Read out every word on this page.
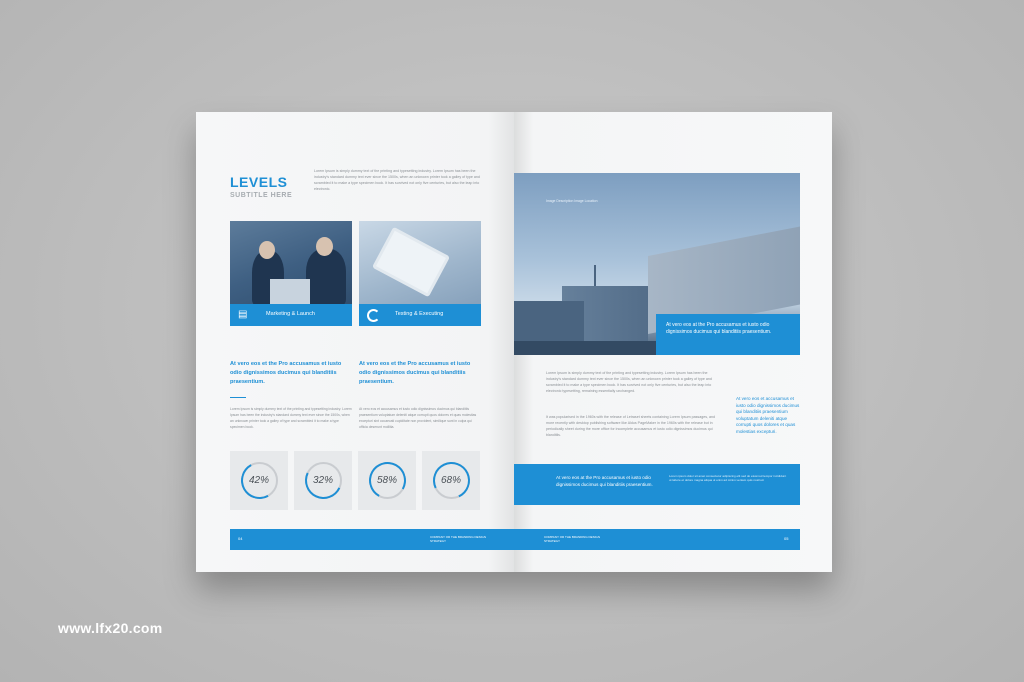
LEVELS
SUBTITLE HERE
Lorem Ipsum is simply dummy text of the printing and typesetting industry. Lorem Ipsum has been the industry's standard dummy text ever since the 1500s, when an unknown printer took a galley of type and scrambled it to make a type specimen book. It has survived not only five centuries, but also the leap into electronic.
▤	Marketing & Launch	Testing & Executing
At vero eos et the Pro accusamus et iusto odio dignissimos ducimus qui blanditiis praesentium.
At vero eos et the Pro accusamus et iusto odio dignissimos ducimus qui blanditiis praesentium.
Lorem Ipsum is simply dummy text of the printing and typesetting industry. Lorem Ipsum has been the industry's standard dummy text ever since the 1500s, when an unknown printer took a galley of type and scrambled it to make a type specimen book.
At vero eos et accusamus et iusto odio dignissimos ducimus qui blanditiis praesentium voluptatum deleniti atque corrupti quos dolores et quas molestias excepturi sint occaecati cupiditate non provident, similique sunt in culpa qui officia deserunt mollitia.
42%	32%	58%	68%
04	COMPANY OR THE BRANDING DESIGN STRATEGY
Image Description Image Location
At vero eos at the Pro accusamus et iusto odio dignissimos ducimus qui blanditiis praesentium.
Lorem Ipsum is simply dummy text of the printing and typesetting industry. Lorem Ipsum has been the industry's standard dummy text ever since the 1500s, when an unknown printer took a galley of type and scrambled it to make a type specimen book. It has survived not only five centuries, but also the leap into electronic typesetting, remaining essentially unchanged.
It was popularised in the 1960s with the release of Letraset sheets containing Lorem Ipsum passages, and more recently with desktop publishing software like Aldus PageMaker in the 1960s with the release but in periodically sheet during the more office for incomplete accusamus et iusto odio dignissimos ducimus qui blanditiis.
At vero eos et accusamus et iusto odio dignissimos ducimus qui blanditiis praesentium voluptatum deleniti atque corrupti quos dolores et quas molestias excepturi.
At vero eos at the Pro accusamus et iusto odio dignissimos ducimus qui blanditiis praesentium.
Lorem ipsum dolor sit amet consectetur adipiscing elit sed do eiusmod tempor incididunt ut labore et dolore magna aliqua ut enim ad minim veniam quis nostrud.
COMPANY OR THE BRANDING DESIGN STRATEGY	05
www.lfx20.com
